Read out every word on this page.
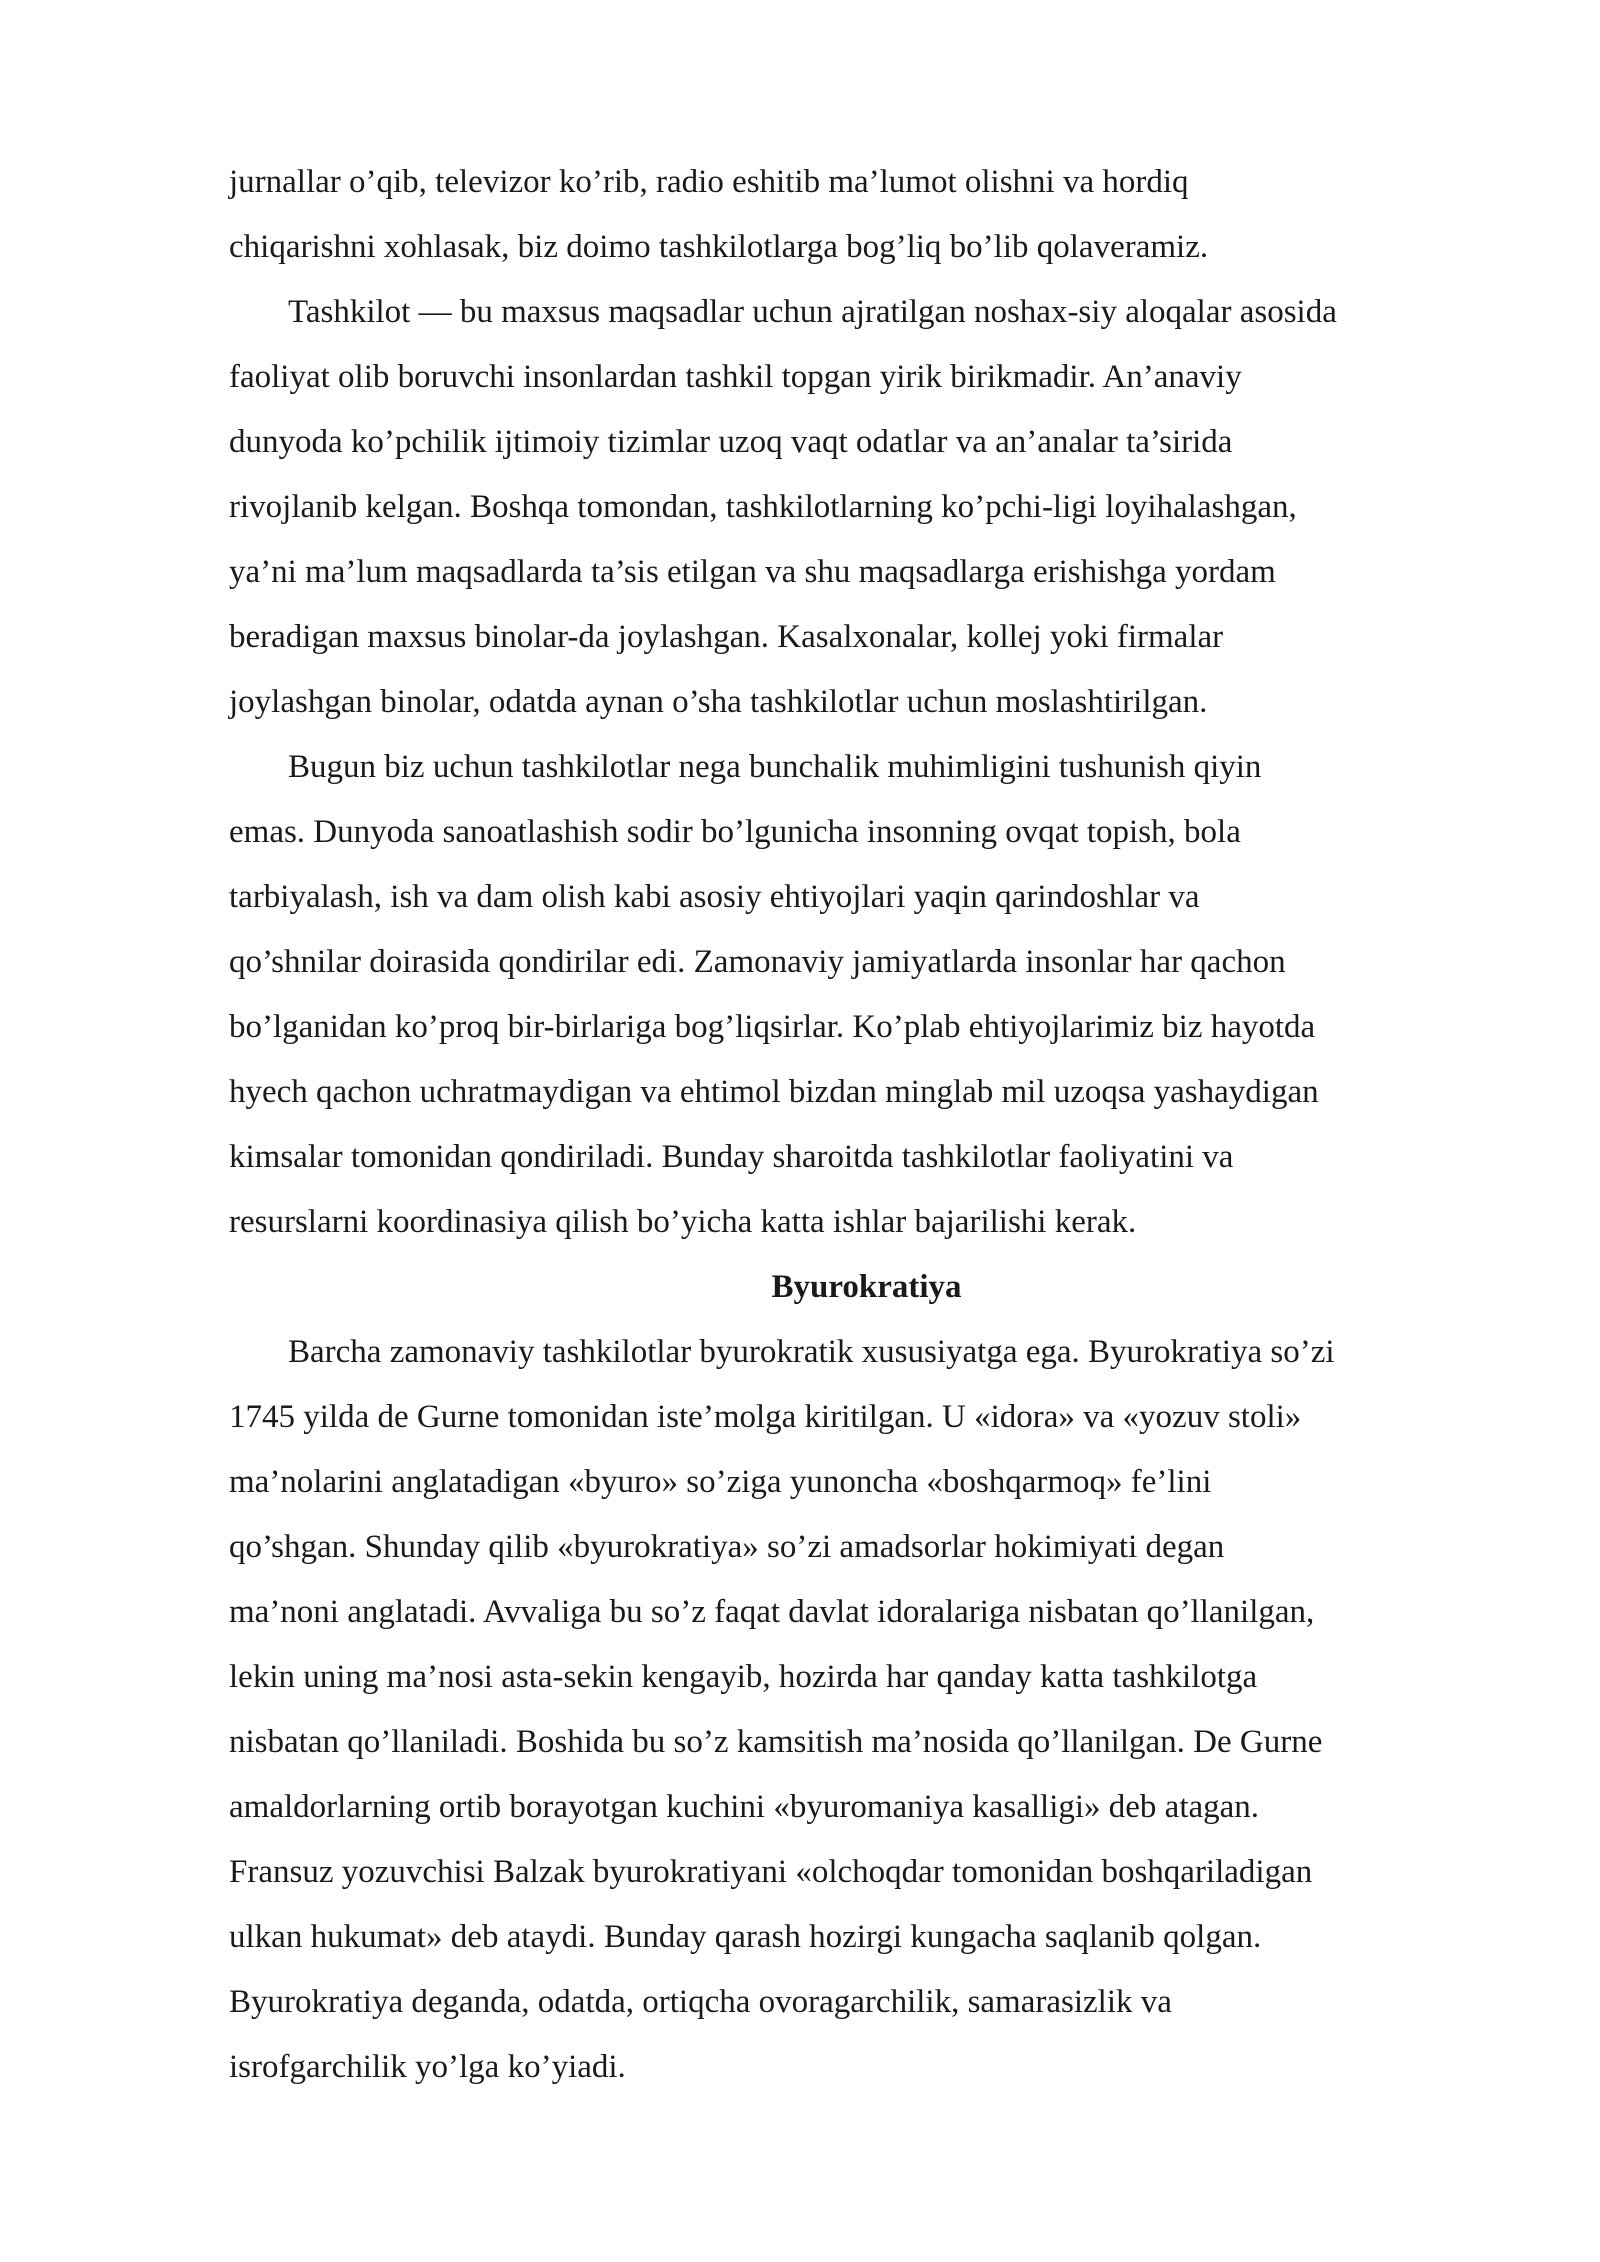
jurnallar o’qib, televizor ko’rib, radio eshitib ma’lumot olishni va hordiq
chiqarishni xohlasak, biz doimo tashkilotlarga bog’liq bo’lib qolaveramiz.
Tashkilot — bu maxsus maqsadlar uchun ajratilgan noshax-siy aloqalar asosida
faoliyat olib boruvchi insonlardan tashkil topgan yirik birikmadir. An’anaviy
dunyoda ko’pchilik ijtimoiy tizimlar uzoq vaqt odatlar va an’analar ta’sirida
rivojlanib kelgan. Boshqa tomondan, tashkilotlarning ko’pchi-ligi loyihalashgan,
ya’ni ma’lum maqsadlarda ta’sis etilgan va shu maqsadlarga erishishga yordam
beradigan maxsus binolar-da joylashgan. Kasalxonalar, kollej yoki firmalar
joylashgan binolar, odatda aynan o’sha tashkilotlar uchun moslashtirilgan.
Bugun biz uchun tashkilotlar nega bunchalik muhimligini tushunish qiyin
emas. Dunyoda sanoatlashish sodir bo’lgunicha insonning ovqat topish, bola
tarbiyalash, ish va dam olish kabi asosiy ehtiyojlari yaqin qarindoshlar va
qo’shnilar doirasida qondirilar edi. Zamonaviy jamiyatlarda insonlar har qachon
bo’lganidan ko’proq bir-birlariga bog’liqsirlar. Ko’plab ehtiyojlarimiz biz hayotda
hyech qachon uchratmaydigan va ehtimol bizdan minglab mil uzoqsa yashaydigan
kimsalar tomonidan qondiriladi. Bunday sharoitda tashkilotlar faoliyatini va
resurslarni koordinasiya qilish bo’yicha katta ishlar bajarilishi kerak.
Byurokratiya
Barcha zamonaviy tashkilotlar byurokratik xususiyatga ega. Byurokratiya so’zi
1745 yilda de Gurne tomonidan iste’molga kiritilgan. U «idora» va «yozuv stoli»
ma’nolarini anglatadigan «byuro» so’ziga yunoncha «boshqarmoq» fe’lini
qo’shgan. Shunday qilib «byurokratiya» so’zi amadsorlar hokimiyati degan
ma’noni anglatadi. Avvaliga bu so’z faqat davlat idoralariga nisbatan qo’llanilgan,
lekin uning ma’nosi asta-sekin kengayib, hozirda har qanday katta tashkilotga
nisbatan qo’llaniladi. Boshida bu so’z kamsitish ma’nosida qo’llanilgan. De Gurne
amaldorlarning ortib borayotgan kuchini «byuromaniya kasalligi» deb atagan.
Fransuz yozuvchisi Balzak byurokratiyani «olchoqdar tomonidan boshqariladigan
ulkan hukumat» deb ataydi. Bunday qarash hozirgi kungacha saqlanib qolgan.
Byurokratiya deganda, odatda, ortiqcha ovoragarchilik, samarasizlik va
isrofgarchilik yo’lga ko’yiadi.
